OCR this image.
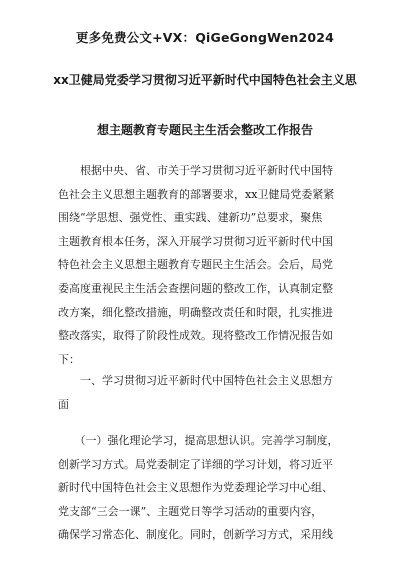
更多免费公文+VX：QiGeGongWen2024
xx卫健局党委学习贯彻习近平新时代中国特色社会主义思
想主题教育专题民主生活会整改工作报告
　　根据中央、省、市关于学习贯彻习近平新时代中国特
色社会主义思想主题教育的部署要求，xx卫健局党委紧紧
围绕“学思想、强党性、重实践、建新功”总要求，聚焦
主题教育根本任务，深入开展学习贯彻习近平新时代中国
特色社会主义思想主题教育专题民主生活会。会后，局党
委高度重视民主生活会查摆问题的整改工作，认真制定整
改方案，细化整改措施，明确整改责任和时限，扎实推进
整改落实，取得了阶段性成效。现将整改工作情况报告如
下：
　　一、学习贯彻习近平新时代中国特色社会主义思想方
面
　　（一）强化理论学习，提高思想认识。完善学习制度，
创新学习方式。局党委制定了详细的学习计划，将习近平
新时代中国特色社会主义思想作为党委理论学习中心组、
党支部“三会一课”、主题党日等学习活动的重要内容，
确保学习常态化、制度化。同时，创新学习方式，采用线
